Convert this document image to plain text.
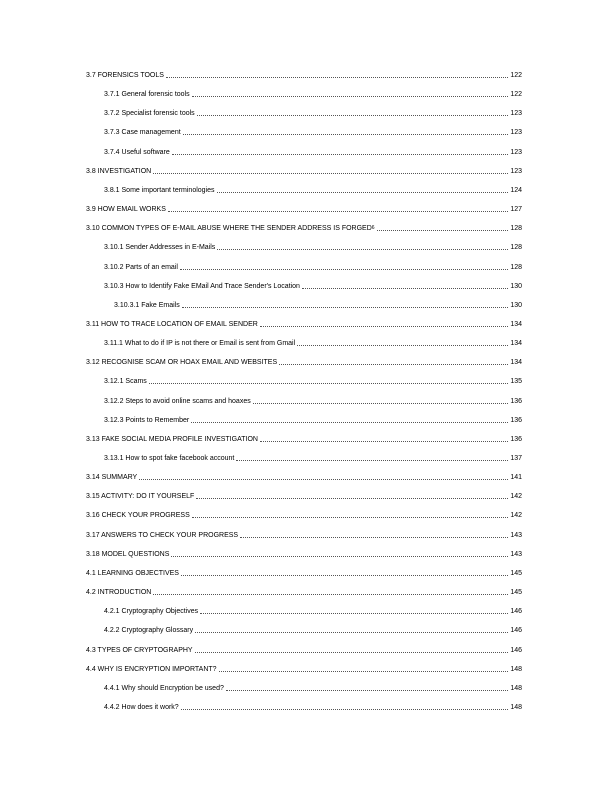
3.7 FORENSICS TOOLS	122
3.7.1 General forensic tools	122
3.7.2 Specialist forensic tools	123
3.7.3 Case management	123
3.7.4 Useful software	123
3.8 INVESTIGATION	123
3.8.1 Some important terminologies	124
3.9 HOW EMAIL WORKS	127
3.10 COMMON TYPES OF E-MAIL ABUSE WHERE THE SENDER ADDRESS IS FORGED 6	128
3.10.1 Sender Addresses in E-Mails	128
3.10.2 Parts of an email	128
3.10.3 How to Identify Fake EMail And Trace Sender's Location	130
3.10.3.1 Fake Emails	130
3.11 HOW TO TRACE LOCATION OF EMAIL SENDER	134
3.11.1 What to do if IP is not there or Email is sent from Gmail	134
3.12 RECOGNISE SCAM OR HOAX EMAIL AND WEBSITES	134
3.12.1 Scams	135
3.12.2 Steps to avoid online scams and hoaxes	136
3.12.3 Points to Remember	136
3.13 FAKE SOCIAL MEDIA PROFILE INVESTIGATION	136
3.13.1 How to spot fake facebook account	137
3.14 SUMMARY	141
3.15 ACTIVITY: DO IT YOURSELF	142
3.16 CHECK YOUR PROGRESS	142
3.17 ANSWERS TO CHECK YOUR PROGRESS	143
3.18 MODEL QUESTIONS	143
4.1 LEARNING OBJECTIVES	145
4.2 INTRODUCTION	145
4.2.1 Cryptography Objectives	146
4.2.2 Cryptography Glossary	146
4.3 TYPES OF CRYPTOGRAPHY	146
4.4 WHY IS ENCRYPTION IMPORTANT?	148
4.4.1 Why should Encryption be used?	148
4.4.2 How does it work?	148
